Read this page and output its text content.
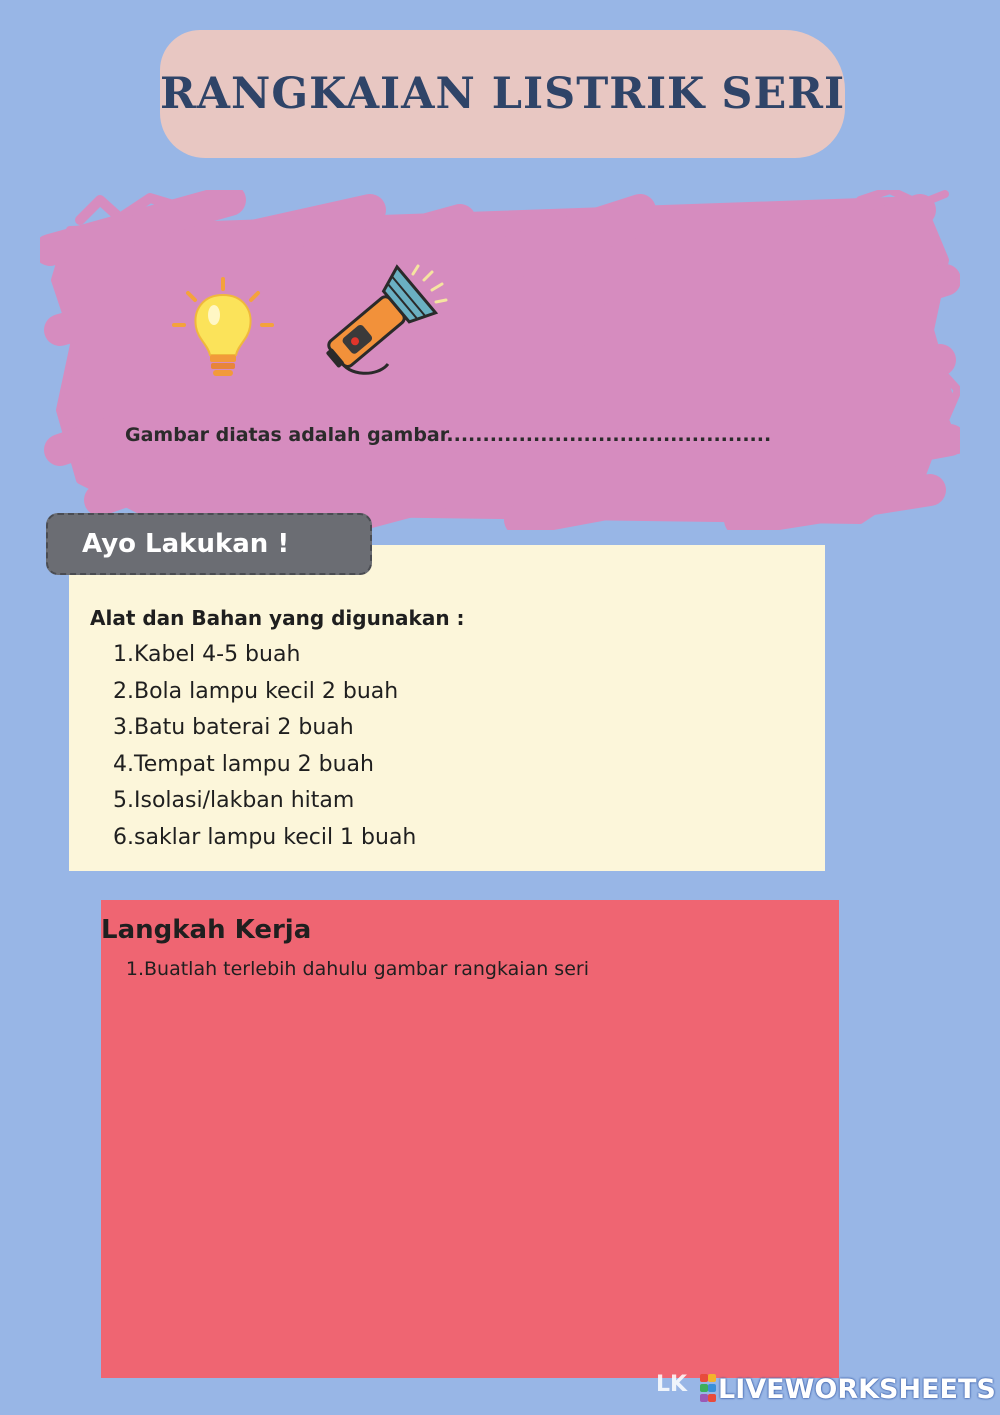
RANGKAIAN LISTRIK SERI
Gambar diatas adalah gambar.............................................
Ayo Lakukan !
Alat dan Bahan yang digunakan :
1.Kabel 4-5 buah
2.Bola lampu kecil 2 buah
3.Batu baterai 2 buah
4.Tempat lampu 2 buah
5.Isolasi/lakban hitam
6.saklar lampu kecil 1 buah
Langkah Kerja
1.Buatlah terlebih dahulu gambar rangkaian seri
LK LIVEWORKSHEETS
